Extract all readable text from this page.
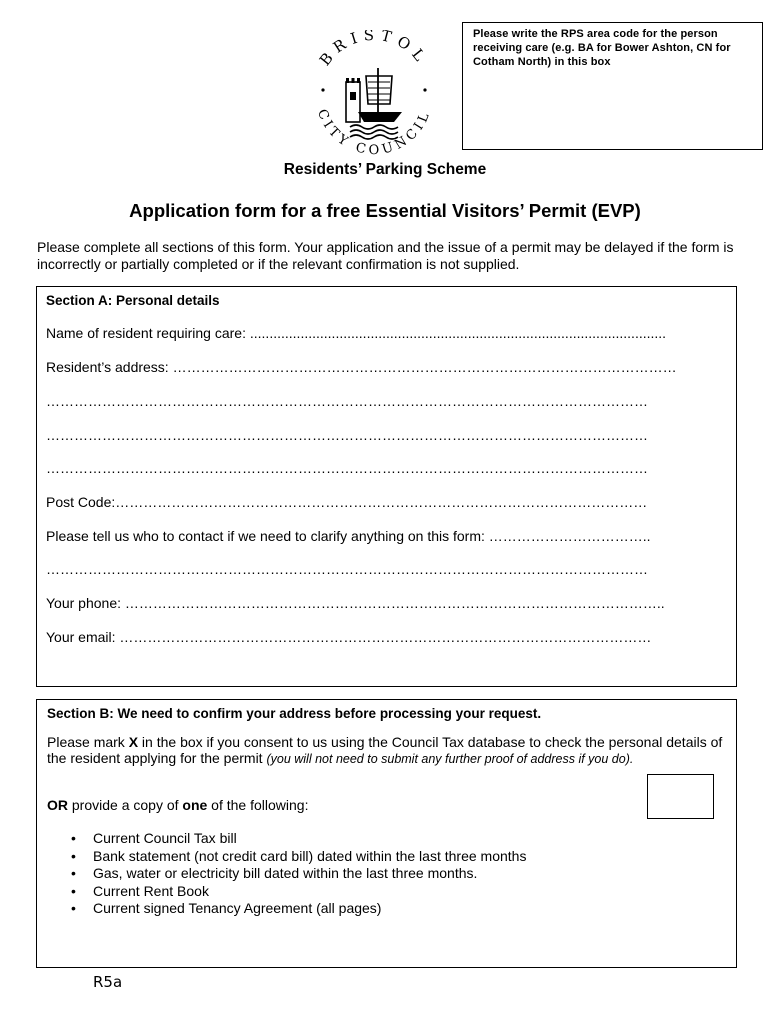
Please write the RPS area code for the person receiving care (e.g. BA for Bower Ashton, CN for Cotham North) in this box
BRISTOL
CITY COUNCIL
Residents’ Parking Scheme
Application form for a free Essential Visitors’ Permit (EVP)
Please complete all sections of this form. Your application and the issue of a permit may be delayed if the form is incorrectly or partially completed or if the relevant confirmation is not supplied.
Section A: Personal details
Name of resident requiring care: ...........................................................................................................
Resident’s address: ………………………………………………………………………………………………
…………………………………………………………………………………………………………………
…………………………………………………………………………………………………………………
…………………………………………………………………………………………………………………
Post Code:……………………………………………………………………………………………………
Please tell us who to contact if we need to clarify anything on this form: ……………………………..
…………………………………………………………………………………………………………………
Your phone: ……………………………………………………………………………………………………..
Your email: ……………………………………………………………………………………………………
Section B: We need to confirm your address before processing your request.
Please mark X in the box if you consent to us using the Council Tax database to check the personal details of the resident applying for the permit (you will not need to submit any further proof of address if you do).
OR provide a copy of one of the following:
• Current Council Tax bill
• Bank statement (not credit card bill) dated within the last three months
• Gas, water or electricity bill dated within the last three months.
• Current Rent Book
• Current signed Tenancy Agreement (all pages)
R5a
